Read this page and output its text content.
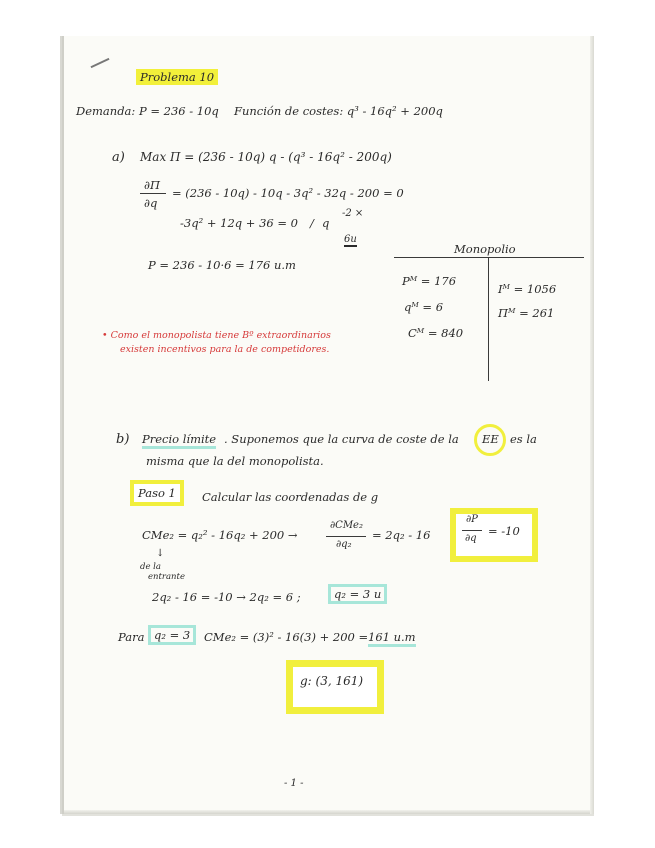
Problema 10
Demanda: P = 236 - 10q Función de costes: q³ - 16q² + 200q
a) Max Π = (236 - 10q) q - (q³ - 16q² - 200q)
∂Π
∂q
= (236 - 10q) - 10q - 3q² - 32q - 200 = 0
-3q² + 12q + 36 = 0 / q
-2 ×
6u
P = 236 - 10·6 = 176 u.m
Monopolio
Pᴹ = 176
qᴹ = 6
Cᴹ = 840
Iᴹ = 1056
Πᴹ = 261
• Como el monopolista tiene Bº extraordinarios
existen incentivos para la de competidores.
b) Precio límite . Suponemos que la curva de coste de la EE es la
misma que la del monopolista.
Paso 1	Calcular las coordenadas de g
CMe₂ = q₂² - 16q₂ + 200 →
∂CMe₂
∂q₂
= 2q₂ - 16
∂P
∂q
= -10
↓
de la
entrante
2q₂ - 16 = -10 → 2q₂ = 6 ;	q₂ = 3 u
Para q₂ = 3	CMe₂ = (3)² - 16(3) + 200 = 161 u.m
g: (3, 161)
- 1 -
